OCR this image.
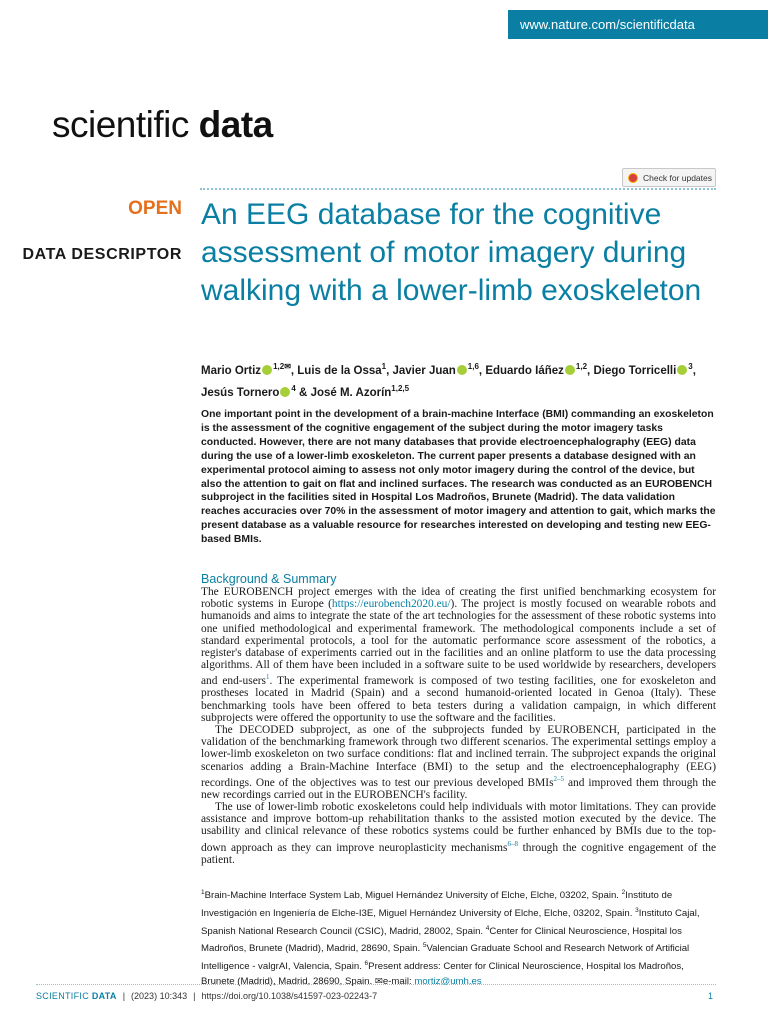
www.nature.com/scientificdata
scientific data
Check for updates
OPEN
DATA DESCRIPTOR
An EEG database for the cognitive assessment of motor imagery during walking with a lower-limb exoskeleton
Mario Ortiz $^{1,2✉}$, Luis de la Ossa$^1$, Javier Juan $^{1,6}$, Eduardo Iáñez $^{1,2}$, Diego Torricelli $^3$, Jesús Tornero $^4$ & José M. Azorín$^{1,2,5}$
One important point in the development of a brain-machine Interface (BMI) commanding an exoskeleton is the assessment of the cognitive engagement of the subject during the motor imagery tasks conducted. However, there are not many databases that provide electroencephalography (EEG) data during the use of a lower-limb exoskeleton. The current paper presents a database designed with an experimental protocol aiming to assess not only motor imagery during the control of the device, but also the attention to gait on flat and inclined surfaces. The research was conducted as an EUROBENCH subproject in the facilities sited in Hospital Los Madroños, Brunete (Madrid). The data validation reaches accuracies over 70% in the assessment of motor imagery and attention to gait, which marks the present database as a valuable resource for researches interested on developing and testing new EEG-based BMIs.
Background & Summary

The EUROBENCH project emerges with the idea of creating the first unified benchmarking ecosystem for robotic systems in Europe (https://eurobench2020.eu/). The project is mostly focused on wearable robots and humanoids and aims to integrate the state of the art technologies for the assessment of these robotic systems into one unified methodological and experimental framework. The methodological components include a set of standard experimental protocols, a tool for the automatic performance score assessment of the robotics, a register's database of experiments carried out in the facilities and an online platform to use the data processing algorithms. All of them have been included in a software suite to be used worldwide by researchers, developers and end-users$^1$. The experimental framework is composed of two testing facilities, one for exoskeleton and prostheses located in Madrid (Spain) and a second humanoid-oriented located in Genoa (Italy). These benchmarking tools have been offered to beta testers during a validation campaign, in which different subprojects were offered the opportunity to use the software and the facilities.

The DECODED subproject, as one of the subprojects funded by EUROBENCH, participated in the validation of the benchmarking framework through two different scenarios. The experimental settings employ a lower-limb exoskeleton on two surface conditions: flat and inclined terrain. The subproject expands the original scenarios adding a Brain-Machine Interface (BMI) to the setup and the electroencephalography (EEG) recordings. One of the objectives was to test our previous developed BMIs$^{2-5}$ and improved them through the new recordings carried out in the EUROBENCH's facility.

The use of lower-limb robotic exoskeletons could help individuals with motor limitations. They can provide assistance and improve bottom-up rehabilitation thanks to the assisted motion executed by the device. The usability and clinical relevance of these robotics systems could be further enhanced by BMIs due to the top-down approach as they can improve neuroplasticity mechanisms$^{6-8}$ through the cognitive engagement of the patient.

$^1$Brain-Machine Interface System Lab, Miguel Hernández University of Elche, Elche, 03202, Spain. $^2$Instituto de Investigación en Ingeniería de Elche-I3E, Miguel Hernández University of Elche, Elche, 03202, Spain. $^3$Instituto Cajal, Spanish National Research Council (CSIC), Madrid, 28002, Spain. $^4$Center for Clinical Neuroscience, Hospital los Madroños, Brunete (Madrid), Madrid, 28690, Spain. $^5$Valencian Graduate School and Research Network of Artificial Intelligence - valgrAI, Valencia, Spain. $^6$Present address: Center for Clinical Neuroscience, Hospital los Madroños, Brunete (Madrid), Madrid, 28690, Spain. ✉e-mail: mortiz@umh.es
SCIENTIFIC DATA | (2023) 10:343 | https://doi.org/10.1038/s41597-023-02243-7	1
